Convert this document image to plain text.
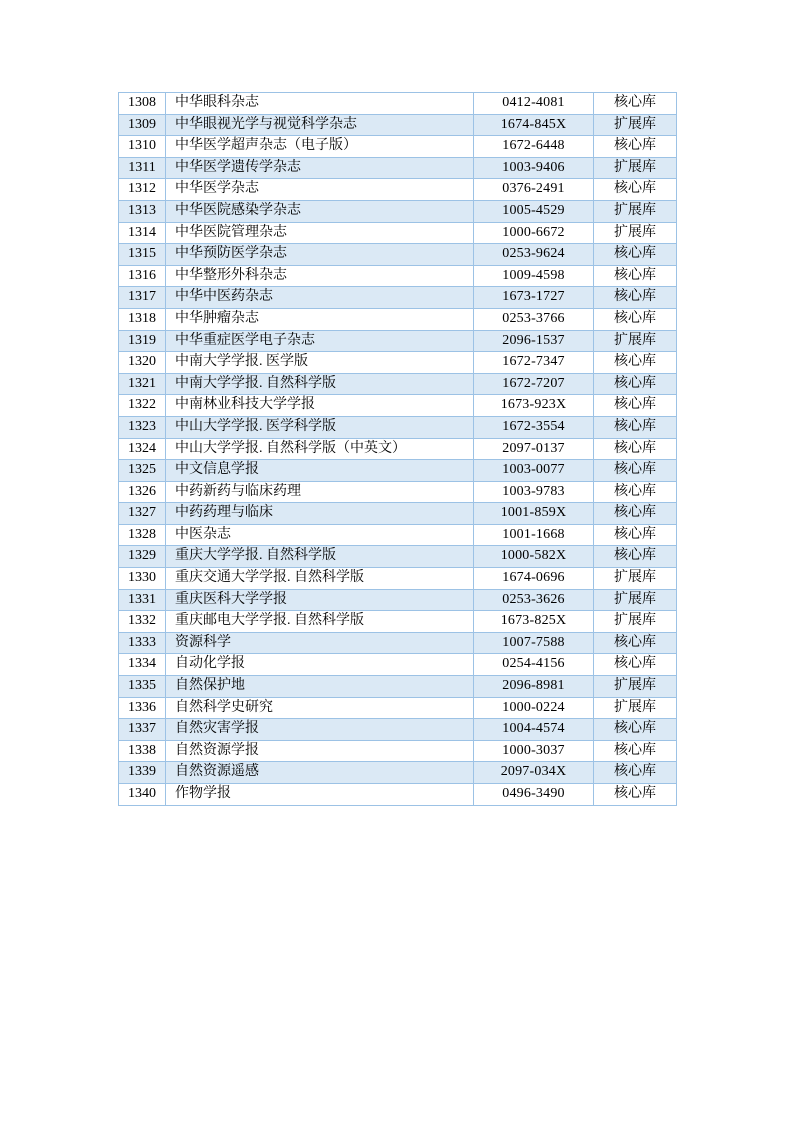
1308	中华眼科杂志	0412-4081	核心库
1309	中华眼视光学与视觉科学杂志	1674-845X	扩展库
1310	中华医学超声杂志（电子版）	1672-6448	核心库
1311	中华医学遗传学杂志	1003-9406	扩展库
1312	中华医学杂志	0376-2491	核心库
1313	中华医院感染学杂志	1005-4529	扩展库
1314	中华医院管理杂志	1000-6672	扩展库
1315	中华预防医学杂志	0253-9624	核心库
1316	中华整形外科杂志	1009-4598	核心库
1317	中华中医药杂志	1673-1727	核心库
1318	中华肿瘤杂志	0253-3766	核心库
1319	中华重症医学电子杂志	2096-1537	扩展库
1320	中南大学学报. 医学版	1672-7347	核心库
1321	中南大学学报. 自然科学版	1672-7207	核心库
1322	中南林业科技大学学报	1673-923X	核心库
1323	中山大学学报. 医学科学版	1672-3554	核心库
1324	中山大学学报. 自然科学版（中英文）	2097-0137	核心库
1325	中文信息学报	1003-0077	核心库
1326	中药新药与临床药理	1003-9783	核心库
1327	中药药理与临床	1001-859X	核心库
1328	中医杂志	1001-1668	核心库
1329	重庆大学学报. 自然科学版	1000-582X	核心库
1330	重庆交通大学学报. 自然科学版	1674-0696	扩展库
1331	重庆医科大学学报	0253-3626	扩展库
1332	重庆邮电大学学报. 自然科学版	1673-825X	扩展库
1333	资源科学	1007-7588	核心库
1334	自动化学报	0254-4156	核心库
1335	自然保护地	2096-8981	扩展库
1336	自然科学史研究	1000-0224	扩展库
1337	自然灾害学报	1004-4574	核心库
1338	自然资源学报	1000-3037	核心库
1339	自然资源遥感	2097-034X	核心库
1340	作物学报	0496-3490	核心库
